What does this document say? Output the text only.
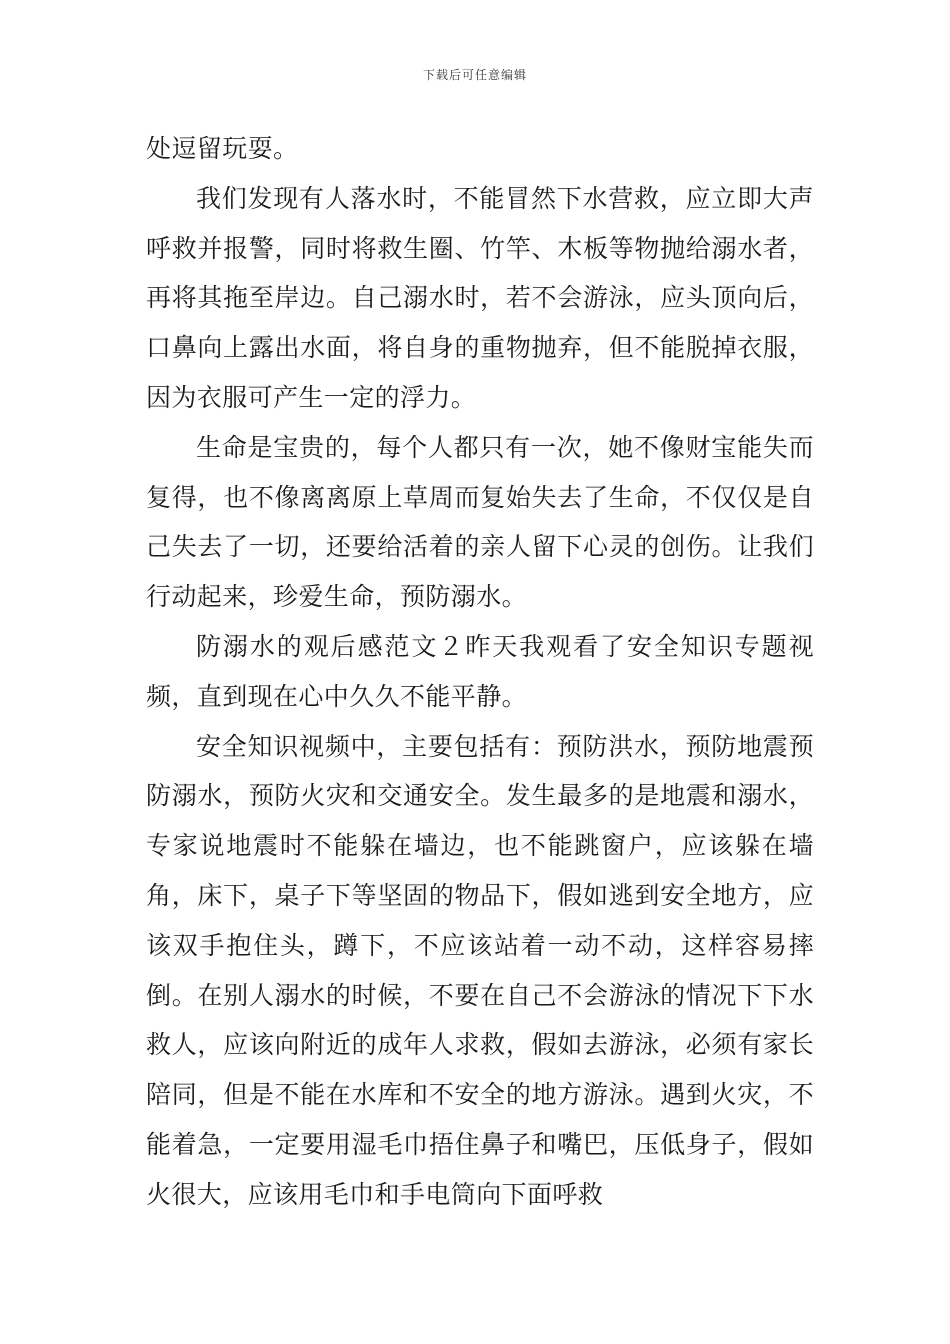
下载后可任意编辑

处逗留玩耍。

我们发现有人落水时，不能冒然下水营救，应立即大声呼救并报警，同时将救生圈、竹竿、木板等物抛给溺水者，再将其拖至岸边。自己溺水时，若不会游泳，应头顶向后，口鼻向上露出水面，将自身的重物抛弃，但不能脱掉衣服，因为衣服可产生一定的浮力。

生命是宝贵的，每个人都只有一次，她不像财宝能失而复得，也不像离离原上草周而复始失去了生命，不仅仅是自己失去了一切，还要给活着的亲人留下心灵的创伤。让我们行动起来，珍爱生命，预防溺水。

防溺水的观后感范文２昨天我观看了安全知识专题视频，直到现在心中久久不能平静。

安全知识视频中，主要包括有：预防洪水，预防地震预防溺水，预防火灾和交通安全。发生最多的是地震和溺水，专家说地震时不能躲在墙边，也不能跳窗户，应该躲在墙角，床下，桌子下等坚固的物品下，假如逃到安全地方，应该双手抱住头，蹲下，不应该站着一动不动，这样容易摔倒。在别人溺水的时候，不要在自己不会游泳的情况下下水救人，应该向附近的成年人求救，假如去游泳，必须有家长陪同，但是不能在水库和不安全的地方游泳。遇到火灾，不能着急，一定要用湿毛巾捂住鼻子和嘴巴，压低身子，假如火很大，应该用毛巾和手电筒向下面呼救
